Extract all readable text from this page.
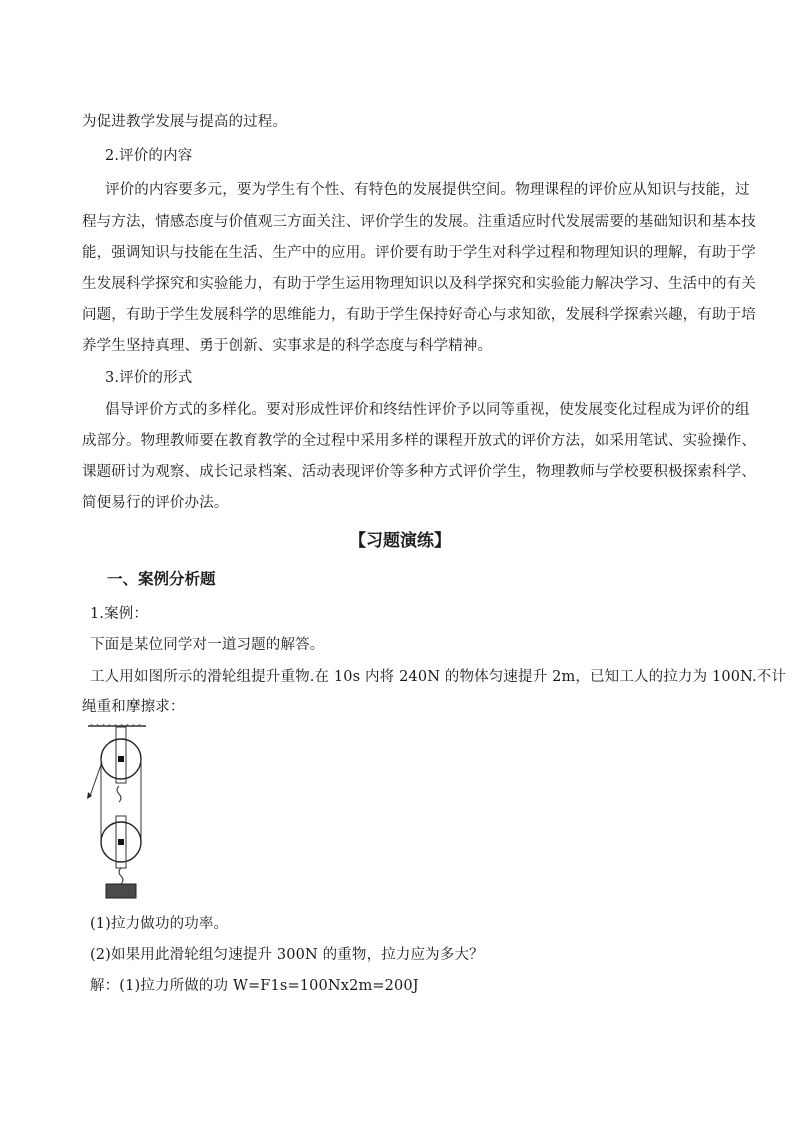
为促进教学发展与提高的过程。
2.评价的内容
评价的内容要多元，要为学生有个性、有特色的发展提供空间。物理课程的评价应从知识与技能，过
程与方法，情感态度与价值观三方面关注、评价学生的发展。注重适应时代发展需要的基础知识和基本技
能，强调知识与技能在生活、生产中的应用。评价要有助于学生对科学过程和物理知识的理解，有助于学
生发展科学探究和实验能力，有助于学生运用物理知识以及科学探究和实验能力解决学习、生活中的有关
问题，有助于学生发展科学的思维能力，有助于学生保持好奇心与求知欲，发展科学探索兴趣，有助于培
养学生坚持真理、勇于创新、实事求是的科学态度与科学精神。
3.评价的形式
倡导评价方式的多样化。要对形成性评价和终结性评价予以同等重视，使发展变化过程成为评价的组
成部分。物理教师要在教育教学的全过程中采用多样的课程开放式的评价方法，如采用笔试、实验操作、
课题研讨为观察、成长记录档案、活动表现评价等多种方式评价学生，物理教师与学校要积极探索科学、
简便易行的评价办法。
【习题演练】
一、案例分析题
1.案例：
下面是某位同学对一道习题的解答。
工人用如图所示的滑轮组提升重物.在 10s 内将 240N 的物体匀速提升 2m，已知工人的拉力为 100N.不计
绳重和摩擦求：
(1)拉力做功的功率。
(2)如果用此滑轮组匀速提升 300N 的重物，拉力应为多大？
解：(1)拉力所做的功 W=F1s=100Nx2m=200J
